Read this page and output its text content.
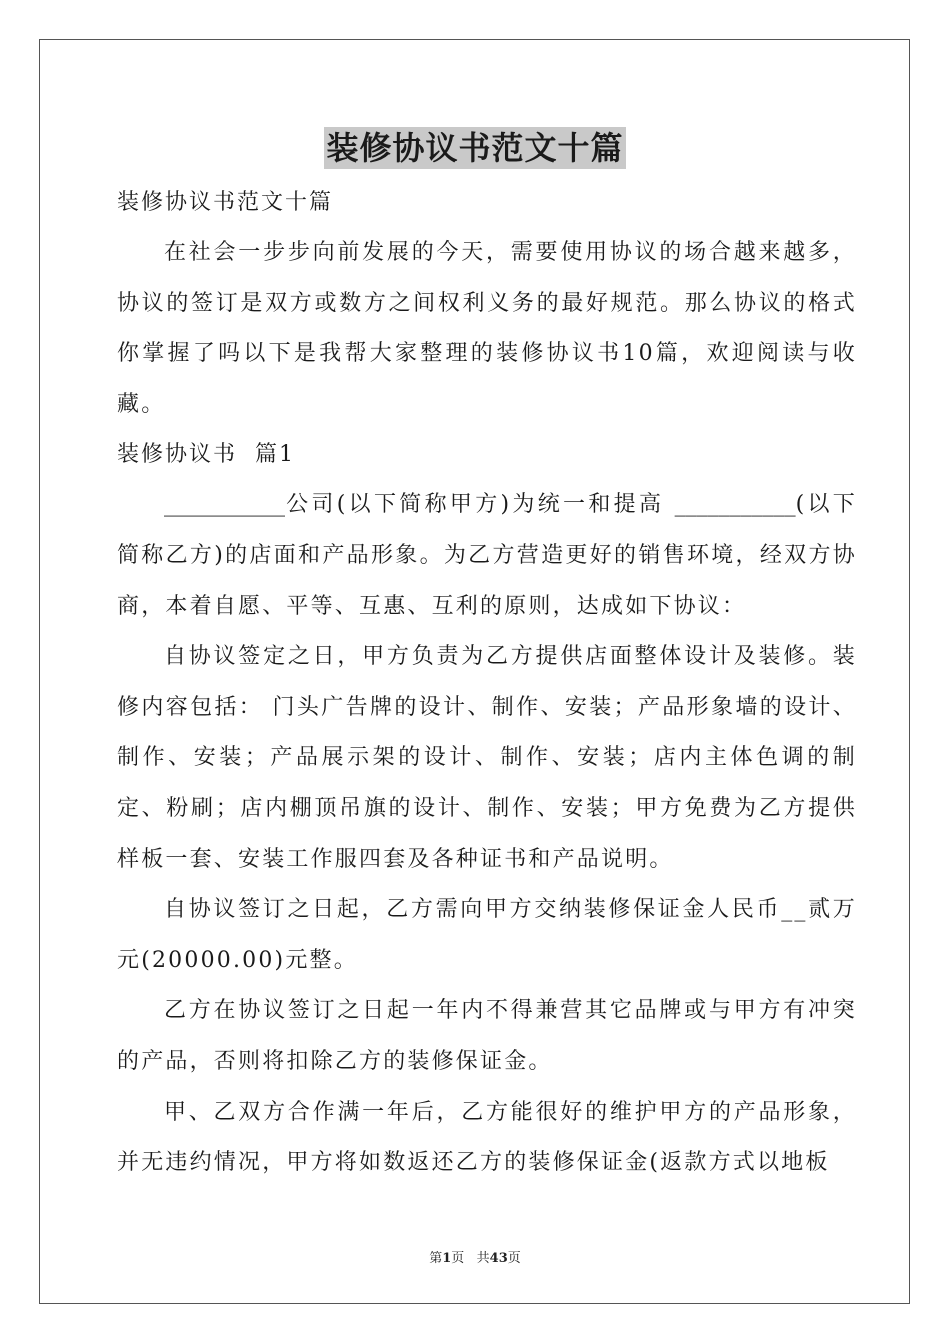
装修协议书范文十篇
装修协议书范文十篇
在社会一步步向前发展的今天，需要使用协议的场合越来越多，协议的签订是双方或数方之间权利义务的最好规范。那么协议的格式你掌握了吗以下是我帮大家整理的装修协议书10篇，欢迎阅读与收藏。
装修协议书  篇1
___________公司(以下简称甲方)为统一和提高 ___________(以下简称乙方)的店面和产品形象。为乙方营造更好的销售环境，经双方协商，本着自愿、平等、互惠、互利的原则，达成如下协议：
自协议签定之日，甲方负责为乙方提供店面整体设计及装修。装修内容包括： 门头广告牌的设计、制作、安装；产品形象墙的设计、制作、安装；产品展示架的设计、制作、安装；店内主体色调的制定、粉刷；店内棚顶吊旗的设计、制作、安装；甲方免费为乙方提供样板一套、安装工作服四套及各种证书和产品说明。
自协议签订之日起，乙方需向甲方交纳装修保证金人民币__贰万元(20000.00)元整。
乙方在协议签订之日起一年内不得兼营其它品牌或与甲方有冲突的产品，否则将扣除乙方的装修保证金。
甲、乙双方合作满一年后，乙方能很好的维护甲方的产品形象，并无违约情况，甲方将如数返还乙方的装修保证金(返款方式以地板
第1页   共43页
